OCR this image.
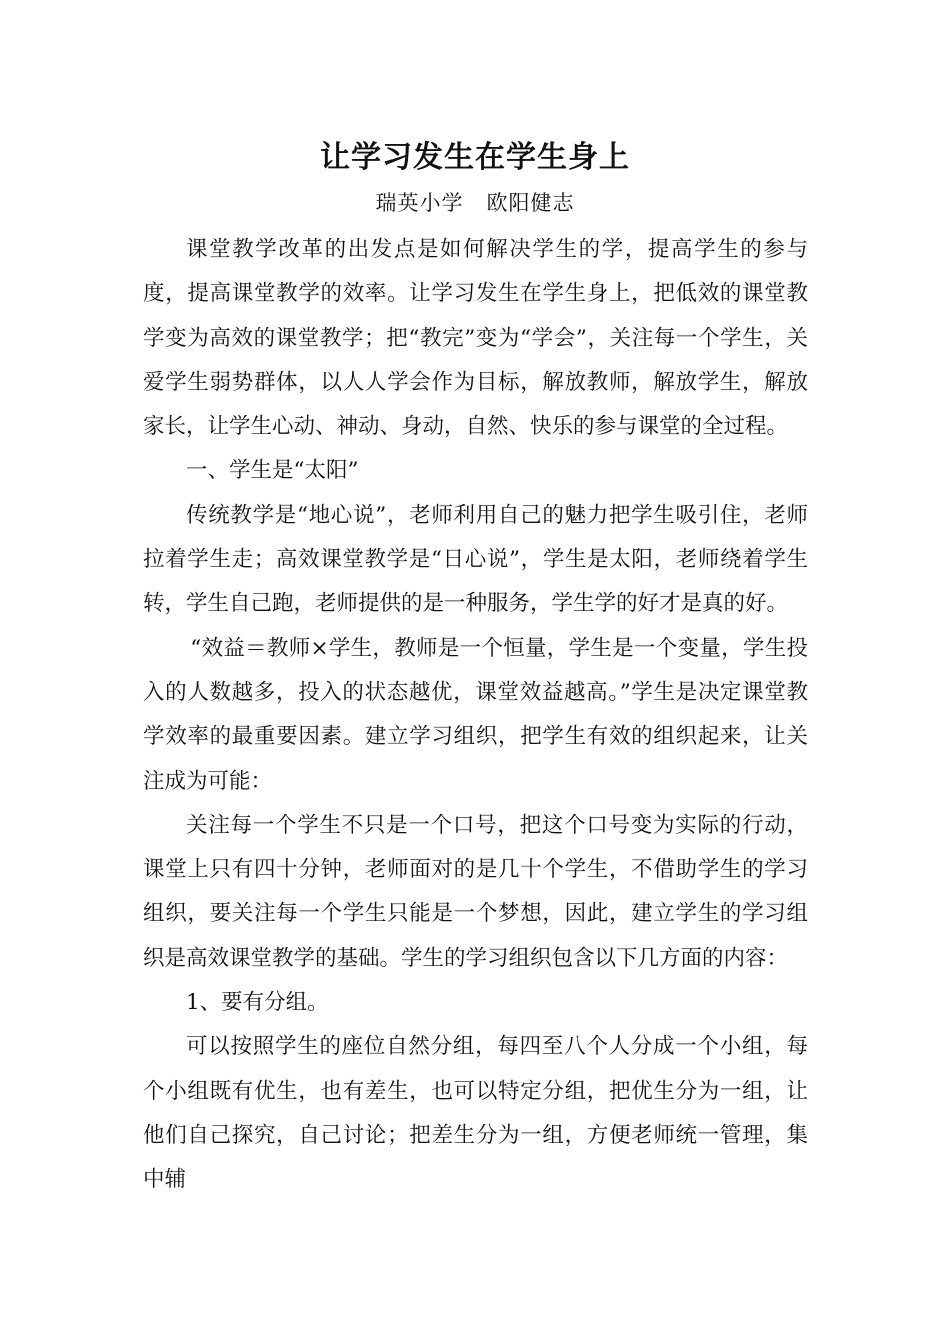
让学习发生在学生身上
瑞英小学   欧阳健志

课堂教学改革的出发点是如何解决学生的学，提高学生的参与度，提高课堂教学的效率。让学习发生在学生身上，把低效的课堂教学变为高效的课堂教学；把“教完”变为“学会”，关注每一个学生，关爱学生弱势群体，以人人学会作为目标，解放教师，解放学生，解放家长，让学生心动、神动、身动，自然、快乐的参与课堂的全过程。

一、学生是“太阳”

传统教学是“地心说”，老师利用自己的魅力把学生吸引住，老师拉着学生走；高效课堂教学是“日心说”，学生是太阳，老师绕着学生转，学生自己跑，老师提供的是一种服务，学生学的好才是真的好。

“效益＝教师×学生，教师是一个恒量，学生是一个变量，学生投入的人数越多，投入的状态越优，课堂效益越高。”学生是决定课堂教学效率的最重要因素。建立学习组织，把学生有效的组织起来，让关注成为可能：

关注每一个学生不只是一个口号，把这个口号变为实际的行动，课堂上只有四十分钟，老师面对的是几十个学生，不借助学生的学习组织，要关注每一个学生只能是一个梦想，因此，建立学生的学习组织是高效课堂教学的基础。学生的学习组织包含以下几方面的内容：

1、要有分组。

可以按照学生的座位自然分组，每四至八个人分成一个小组，每个小组既有优生，也有差生，也可以特定分组，把优生分为一组，让他们自己探究，自己讨论；把差生分为一组，方便老师统一管理，集中辅
